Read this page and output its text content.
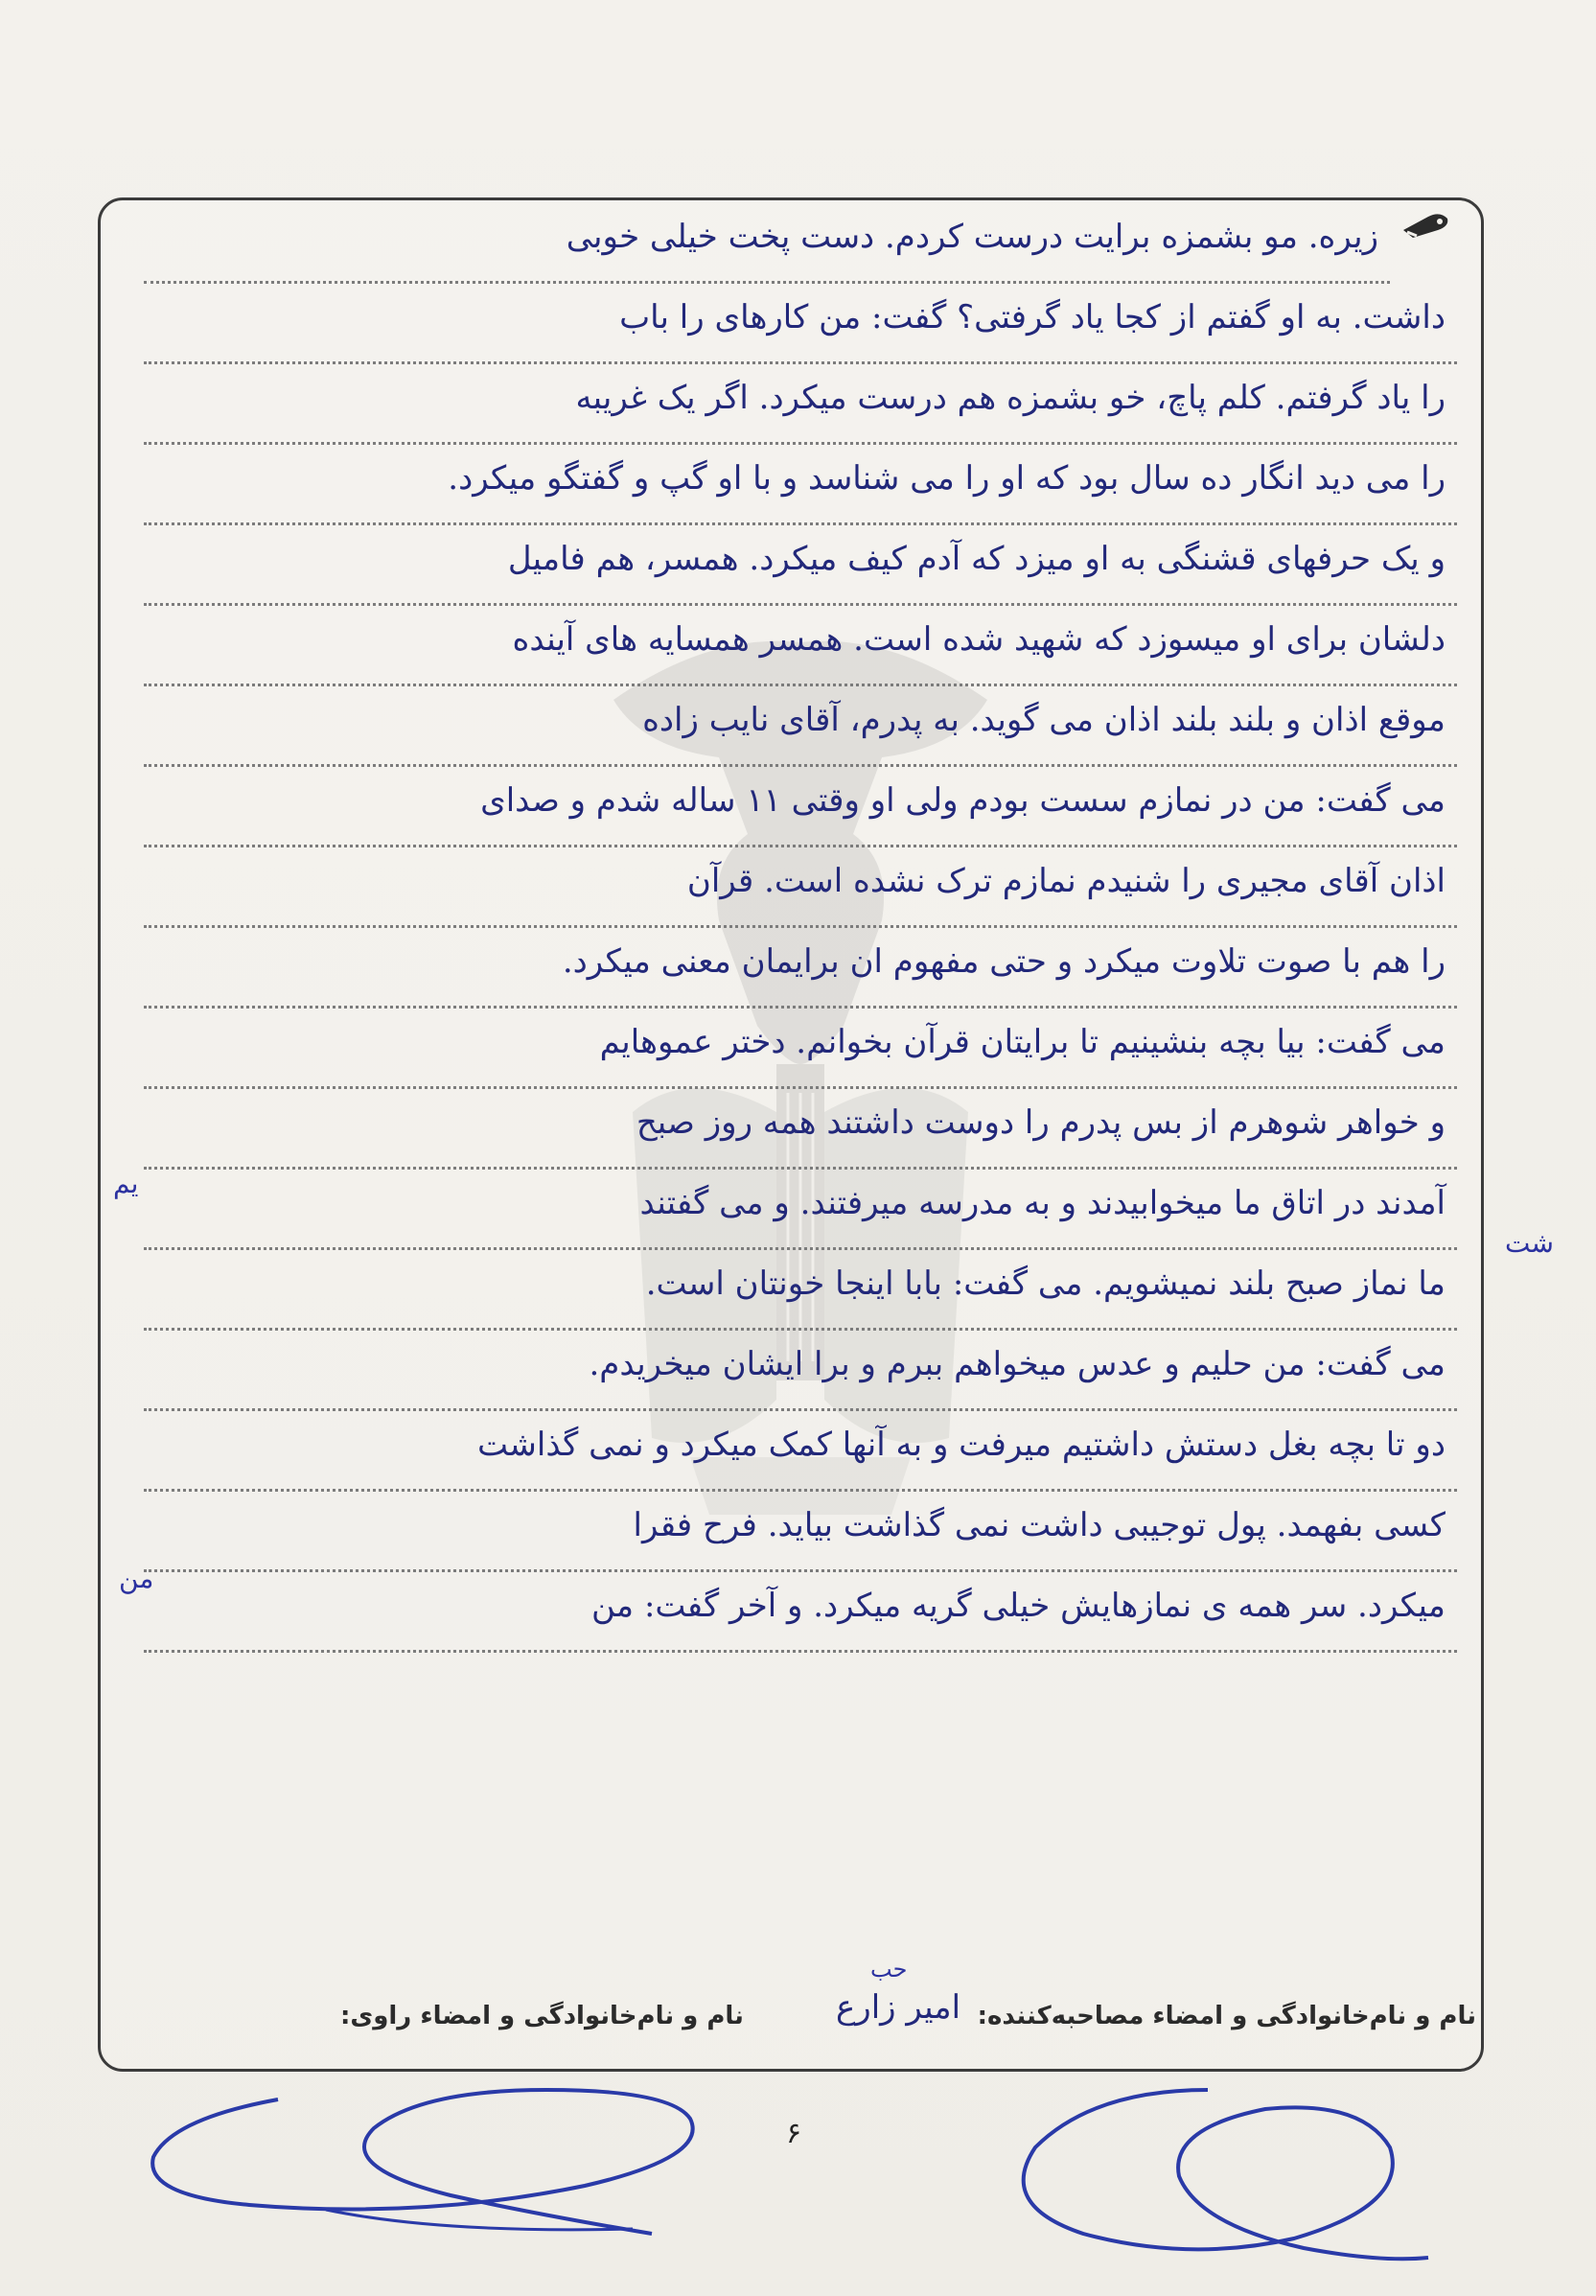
زیره. مو بشمزه برایت درست کردم. دست پخت خیلی خوبی
داشت. به او گفتم از کجا یاد گرفتی؟ گفت: من کارهای را باب
را یاد گرفتم. کلم پاچ، خو بشمزه هم درست میکرد. اگر یک غریبه
را می دید انگار ده سال بود که او را می شناسد و با او گپ و گفتگو میکرد.
و یک حرفهای قشنگی به او میزد که آدم کیف میکرد. همسر، هم فامیل
دلشان برای او میسوزد که شهید شده است. همسر همسایه های آینده
موقع اذان و بلند بلند اذان می گوید. به پدرم، آقای نایب زاده
می گفت: من در نمازم سست بودم ولی او وقتی ۱۱ ساله شدم و صدای
اذان آقای مجیری را شنیدم نمازم ترک نشده است. قرآن
را هم با صوت تلاوت میکرد و حتی مفهوم ان برایمان معنی میکرد.
می گفت: بیا بچه بنشینیم تا برایتان قرآن بخوانم. دختر عموهایم
و خواهر شوهرم از بس پدرم را دوست داشتند همه روز صبح
آمدند در اتاق ما میخوابیدند و به مدرسه میرفتند. و می گفتند
ما نماز صبح بلند نمیشویم. می گفت: بابا اینجا خونتان است.
می گفت: من حلیم و عدس میخواهم ببرم و برا ایشان میخریدم.
دو تا بچه بغل دستش داشتیم میرفت و به آنها کمک میکرد و نمی گذاشت
کسی بفهمد. پول توجیبی داشت نمی گذاشت بیاید. فرح فقرا
میکرد. سر همه ی نمازهایش خیلی گریه میکرد. و آخر گفت: من
یم
شت
من
نام و نام‌خانوادگی و امضاء مصاحبه‌کننده:
امیر زارع
حب
نام و نام‌خانوادگی و امضاء راوی:
۶
